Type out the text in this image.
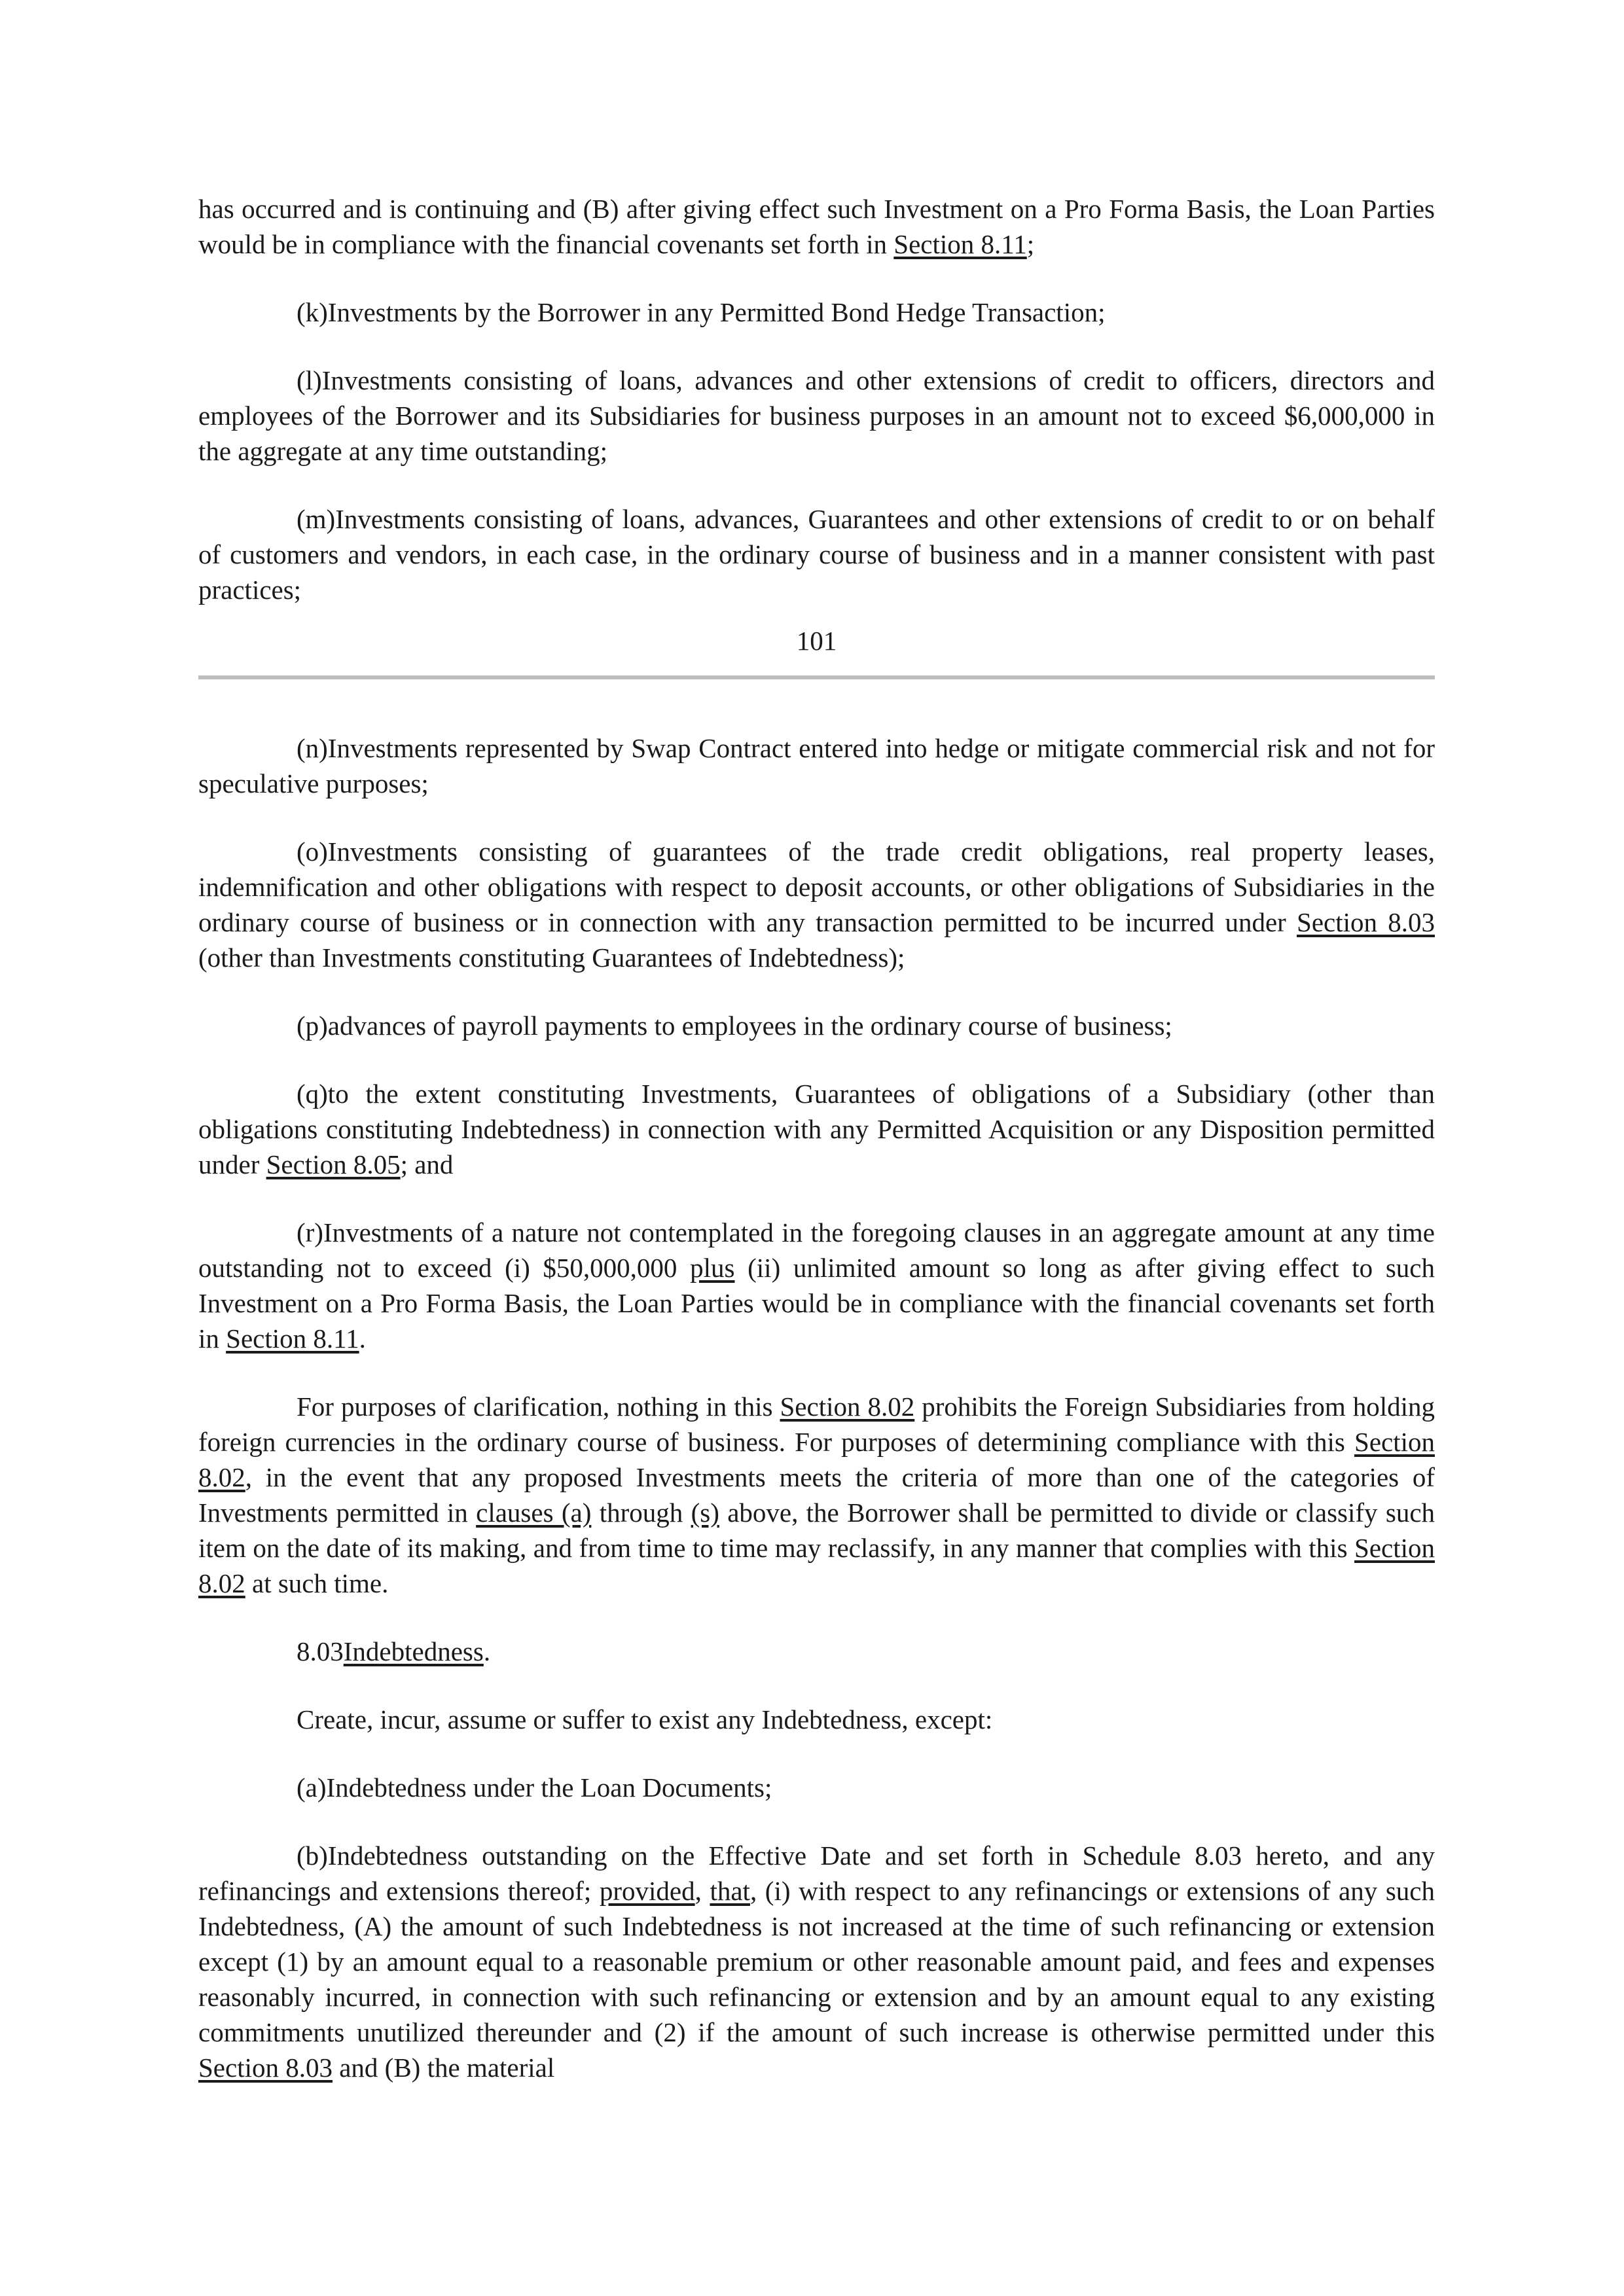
has occurred and is continuing and (B) after giving effect such Investment on a Pro Forma Basis, the Loan Parties would be in compliance with the financial covenants set forth in Section 8.11;

(k)Investments by the Borrower in any Permitted Bond Hedge Transaction;

(l)Investments consisting of loans, advances and other extensions of credit to officers, directors and employees of the Borrower and its Subsidiaries for business purposes in an amount not to exceed $6,000,000 in the aggregate at any time outstanding;

(m)Investments consisting of loans, advances, Guarantees and other extensions of credit to or on behalf of customers and vendors, in each case, in the ordinary course of business and in a manner consistent with past practices;

101

(n)Investments represented by Swap Contract entered into hedge or mitigate commercial risk and not for speculative purposes;

(o)Investments consisting of guarantees of the trade credit obligations, real property leases, indemnification and other obligations with respect to deposit accounts, or other obligations of Subsidiaries in the ordinary course of business or in connection with any transaction permitted to be incurred under Section 8.03 (other than Investments constituting Guarantees of Indebtedness);

(p)advances of payroll payments to employees in the ordinary course of business;

(q)to the extent constituting Investments, Guarantees of obligations of a Subsidiary (other than obligations constituting Indebtedness) in connection with any Permitted Acquisition or any Disposition permitted under Section 8.05; and

(r)Investments of a nature not contemplated in the foregoing clauses in an aggregate amount at any time outstanding not to exceed (i) $50,000,000 plus (ii) unlimited amount so long as after giving effect to such Investment on a Pro Forma Basis, the Loan Parties would be in compliance with the financial covenants set forth in Section 8.11.

For purposes of clarification, nothing in this Section 8.02 prohibits the Foreign Subsidiaries from holding foreign currencies in the ordinary course of business. For purposes of determining compliance with this Section 8.02, in the event that any proposed Investments meets the criteria of more than one of the categories of Investments permitted in clauses (a) through (s) above, the Borrower shall be permitted to divide or classify such item on the date of its making, and from time to time may reclassify, in any manner that complies with this Section 8.02 at such time.

8.03Indebtedness.

Create, incur, assume or suffer to exist any Indebtedness, except:

(a)Indebtedness under the Loan Documents;

(b)Indebtedness outstanding on the Effective Date and set forth in Schedule 8.03 hereto, and any refinancings and extensions thereof; provided, that, (i) with respect to any refinancings or extensions of any such Indebtedness, (A) the amount of such Indebtedness is not increased at the time of such refinancing or extension except (1) by an amount equal to a reasonable premium or other reasonable amount paid, and fees and expenses reasonably incurred, in connection with such refinancing or extension and by an amount equal to any existing commitments unutilized thereunder and (2) if the amount of such increase is otherwise permitted under this Section 8.03 and (B) the material
